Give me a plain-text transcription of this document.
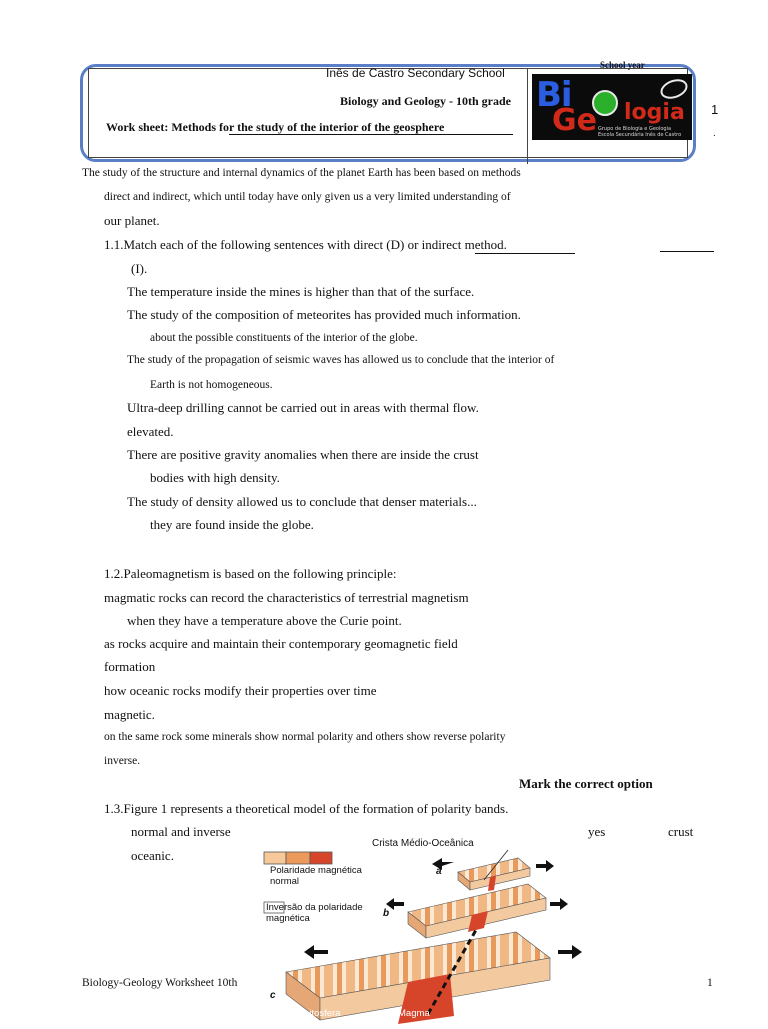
Inês de Castro Secondary School
Biology and Geology - 10th grade
Work sheet: Methods for the study of the interior of the geosphere
School year
Bi logia
Ge Grupo de Biologia e Geologia
Escola Secundária Inês de Castro
1
.
The study of the structure and internal dynamics of the planet Earth has been based on methods
direct and indirect, which until today have only given us a very limited understanding of
our planet.
1.1.Match each of the following sentences with direct (D) or indirect method.
(I).
The temperature inside the mines is higher than that of the surface.
The study of the composition of meteorites has provided much information.
about the possible constituents of the interior of the globe.
The study of the propagation of seismic waves has allowed us to conclude that the interior of
Earth is not homogeneous.
Ultra-deep drilling cannot be carried out in areas with thermal flow.
elevated.
There are positive gravity anomalies when there are inside the crust
bodies with high density.
The study of density allowed us to conclude that denser materials...
they are found inside the globe.
1.2.Paleomagnetism is based on the following principle:
magmatic rocks can record the characteristics of terrestrial magnetism
when they have a temperature above the Curie point.
as rocks acquire and maintain their contemporary geomagnetic field
formation
how oceanic rocks modify their properties over time
magnetic.
on the same rock some minerals show normal polarity and others show reverse polarity
inverse.
Mark the correct option
1.3.Figure 1 represents a theoretical model of the formation of polarity bands.
normal and inverse	yes	crust
oceanic.
Crista Médio-Oceânica
Polaridade magnética
normal
Inversão da polaridade
magnética
a
b
c
Litosfera	Magma	Litosfera
Biology-Geology Worksheet 10th	1
